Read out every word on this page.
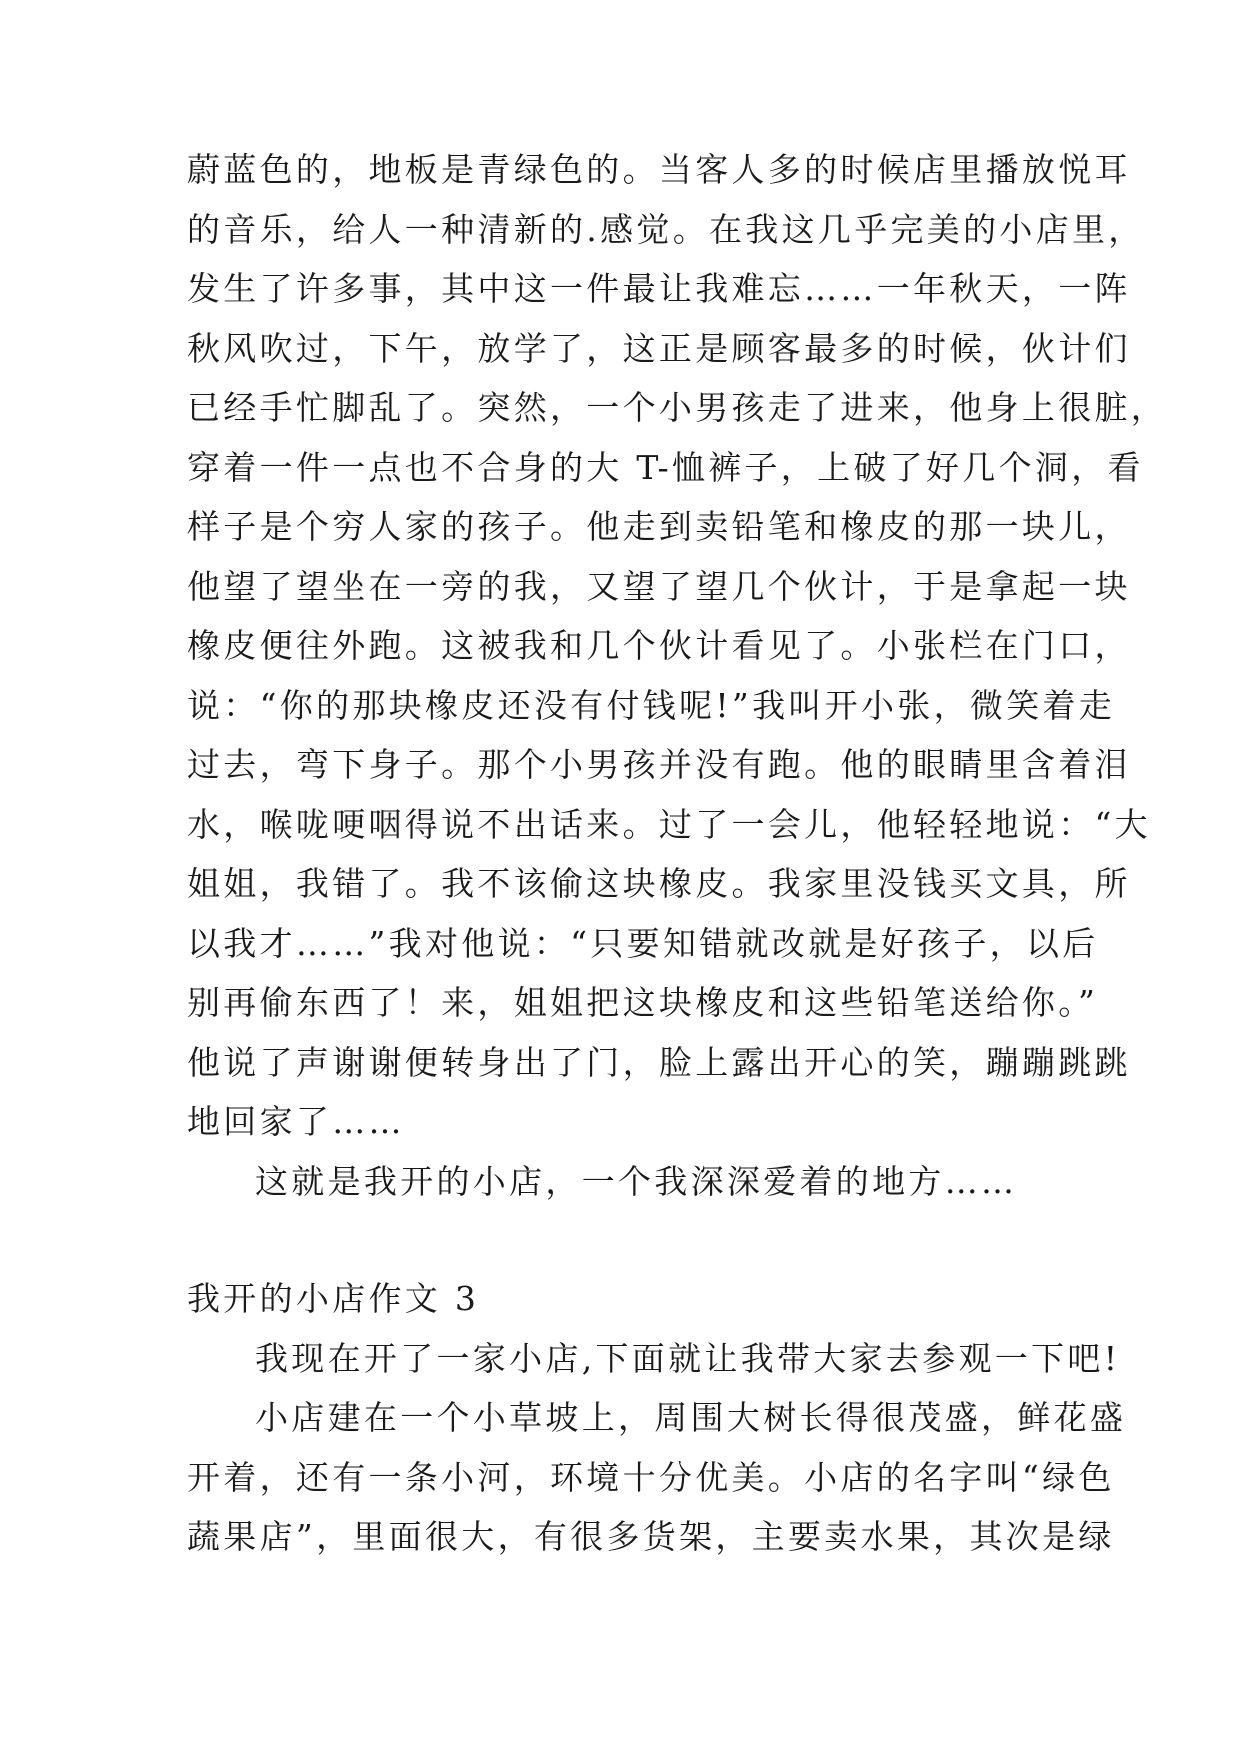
蔚蓝色的，地板是青绿色的。当客人多的时候店里播放悦耳
的音乐，给人一种清新的.感觉。在我这几乎完美的小店里，
发生了许多事，其中这一件最让我难忘……一年秋天，一阵
秋风吹过，下午，放学了，这正是顾客最多的时候，伙计们
已经手忙脚乱了。突然，一个小男孩走了进来，他身上很脏，
穿着一件一点也不合身的大 T-恤裤子，上破了好几个洞，看
样子是个穷人家的孩子。他走到卖铅笔和橡皮的那一块儿，
他望了望坐在一旁的我，又望了望几个伙计，于是拿起一块
橡皮便往外跑。这被我和几个伙计看见了。小张栏在门口，
说：“你的那块橡皮还没有付钱呢!”我叫开小张，微笑着走
过去，弯下身子。那个小男孩并没有跑。他的眼睛里含着泪
水，喉咙哽咽得说不出话来。过了一会儿，他轻轻地说：“大
姐姐，我错了。我不该偷这块橡皮。我家里没钱买文具，所
以我才……”我对他说：“只要知错就改就是好孩子，以后
别再偷东西了！来，姐姐把这块橡皮和这些铅笔送给你。”
他说了声谢谢便转身出了门，脸上露出开心的笑，蹦蹦跳跳
地回家了……
这就是我开的小店，一个我深深爱着的地方……
我开的小店作文 3
我现在开了一家小店,下面就让我带大家去参观一下吧!
小店建在一个小草坡上，周围大树长得很茂盛，鲜花盛
开着，还有一条小河，环境十分优美。小店的名字叫“绿色
蔬果店”，里面很大，有很多货架，主要卖水果，其次是绿
